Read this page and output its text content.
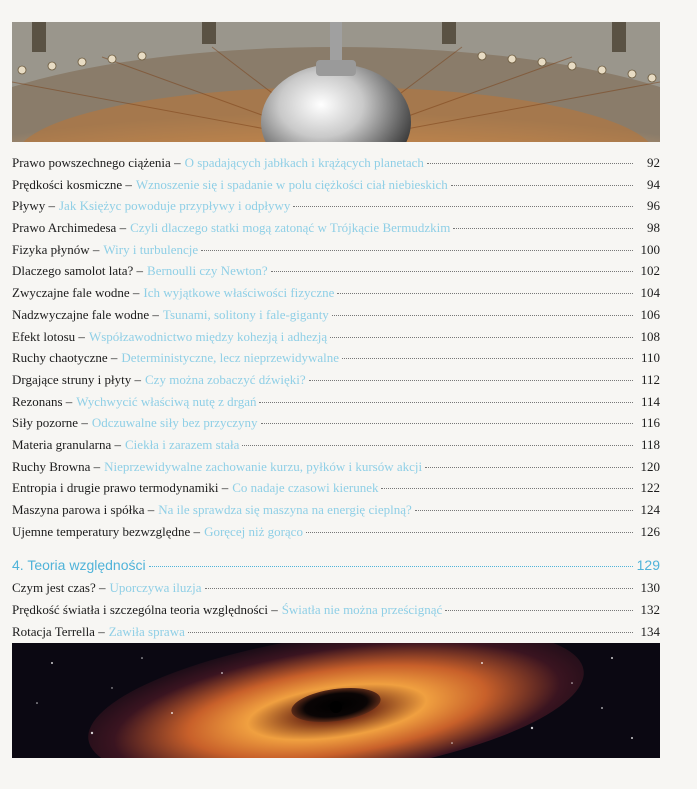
Prawo powszechnego ciążenia – O spadających jabłkach i krążących planetach	92
Prędkości kosmiczne – Wznoszenie się i spadanie w polu ciężkości ciał niebieskich	94
Pływy – Jak Księżyc powoduje przypływy i odpływy	96
Prawo Archimedesa – Czyli dlaczego statki mogą zatonąć w Trójkącie Bermudzkim	98
Fizyka płynów – Wiry i turbulencje	100
Dlaczego samolot lata? – Bernoulli czy Newton?	102
Zwyczajne fale wodne – Ich wyjątkowe właściwości fizyczne	104
Nadzwyczajne fale wodne – Tsunami, solitony i fale-giganty	106
Efekt lotosu – Współzawodnictwo między kohezją i adhezją	108
Ruchy chaotyczne – Deterministyczne, lecz nieprzewidywalne	110
Drgające struny i płyty – Czy można zobaczyć dźwięki?	112
Rezonans – Wychwycić właściwą nutę z drgań	114
Siły pozorne – Odczuwalne siły bez przyczyny	116
Materia granularna – Ciekła i zarazem stała	118
Ruchy Browna – Nieprzewidywalne zachowanie kurzu, pyłków i kursów akcji	120
Entropia i drugie prawo termodynamiki – Co nadaje czasowi kierunek	122
Maszyna parowa i spółka – Na ile sprawdza się maszyna na energię cieplną?	124
Ujemne temperatury bezwzględne – Goręcej niż gorąco	126
4. Teoria względności	129
Czym jest czas? – Uporczywa iluzja	130
Prędkość światła i szczególna teoria względności – Światła nie można prześcignąć	132
Rotacja Terrella – Zawiła sprawa	134
